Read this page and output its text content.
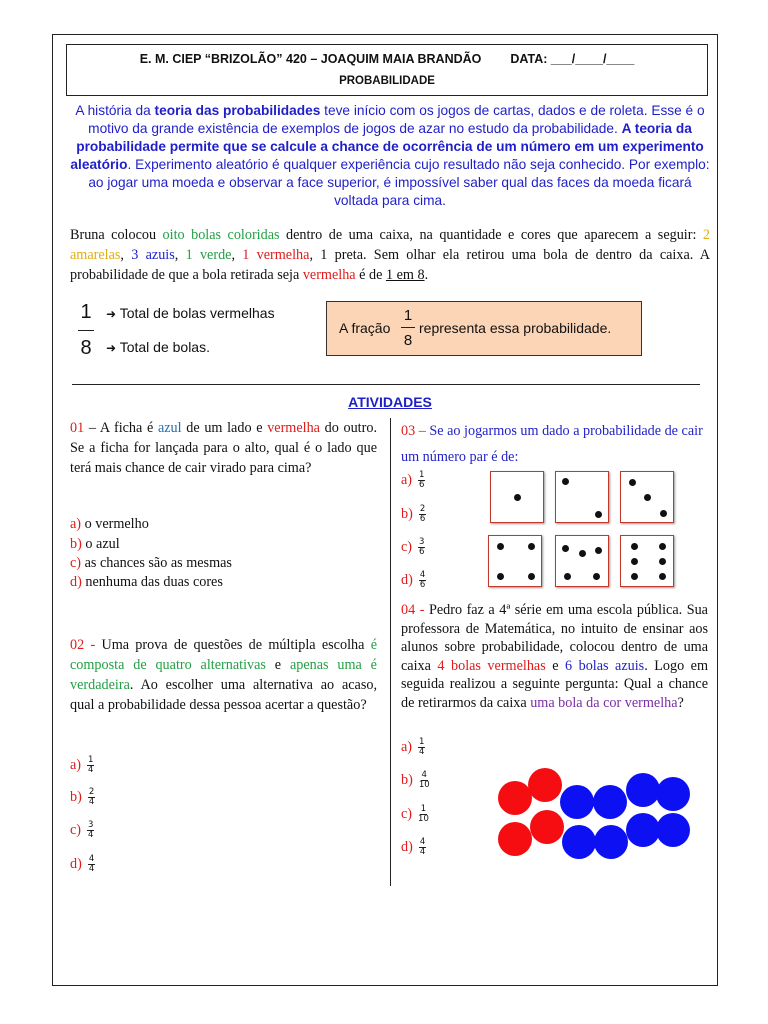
E. M. CIEP “BRIZOLÃO” 420 – JOAQUIM MAIA BRANDÃO DATA: ___/____/____
PROBABILIDADE
A história da teoria das probabilidades teve início com os jogos de cartas, dados e de roleta. Esse é o motivo da grande existência de exemplos de jogos de azar no estudo da probabilidade. A teoria da probabilidade permite que se calcule a chance de ocorrência de um número em um experimento aleatório. Experimento aleatório é qualquer experiência cujo resultado não seja conhecido. Por exemplo: ao jogar uma moeda e observar a face superior, é impossível saber qual das faces da moeda ficará voltada para cima.
Bruna colocou oito bolas coloridas dentro de uma caixa, na quantidade e cores que aparecem a seguir: 2 amarelas, 3 azuis, 1 verde, 1 vermelha, 1 preta. Sem olhar ela retirou uma bola de dentro da caixa. A probabilidade de que a bola retirada seja vermelha é de 1 em 8.
1
8
➜ Total de bolas vermelhas
➜ Total de bolas.
A fração
1
8
representa essa probabilidade.
ATIVIDADES
01 – A ficha é azul de um lado e vermelha do outro. Se a ficha for lançada para o alto, qual é o lado que terá mais chance de cair virado para cima?
a) o vermelho
b) o azul
c) as chances são as mesmas
d) nenhuma das duas cores
02 - Uma prova de questões de múltipla escolha é composta de quatro alternativas e apenas uma é verdadeira. Ao escolher uma alternativa ao acaso, qual a probabilidade dessa pessoa acertar a questão?
$a) \frac{1}{4}$
$b) \frac{2}{4}$
$c) \frac{3}{4}$
$d) \frac{4}{4}$
03 – Se ao jogarmos um dado a probabilidade de cair um número par é de:
$a) \frac{1}{6}$
$b) \frac{2}{6}$
$c) \frac{3}{6}$
$d) \frac{4}{6}$
04 - Pedro faz a 4ª série em uma escola pública. Sua professora de Matemática, no intuito de ensinar aos alunos sobre probabilidade, colocou dentro de uma caixa 4 bolas vermelhas e 6 bolas azuis. Logo em seguida realizou a seguinte pergunta: Qual a chance de retirarmos da caixa uma bola da cor vermelha?
$a) \frac{1}{4}$
$b) \frac{4}{10}$
$c) \frac{1}{10}$
$d) \frac{4}{4}$
